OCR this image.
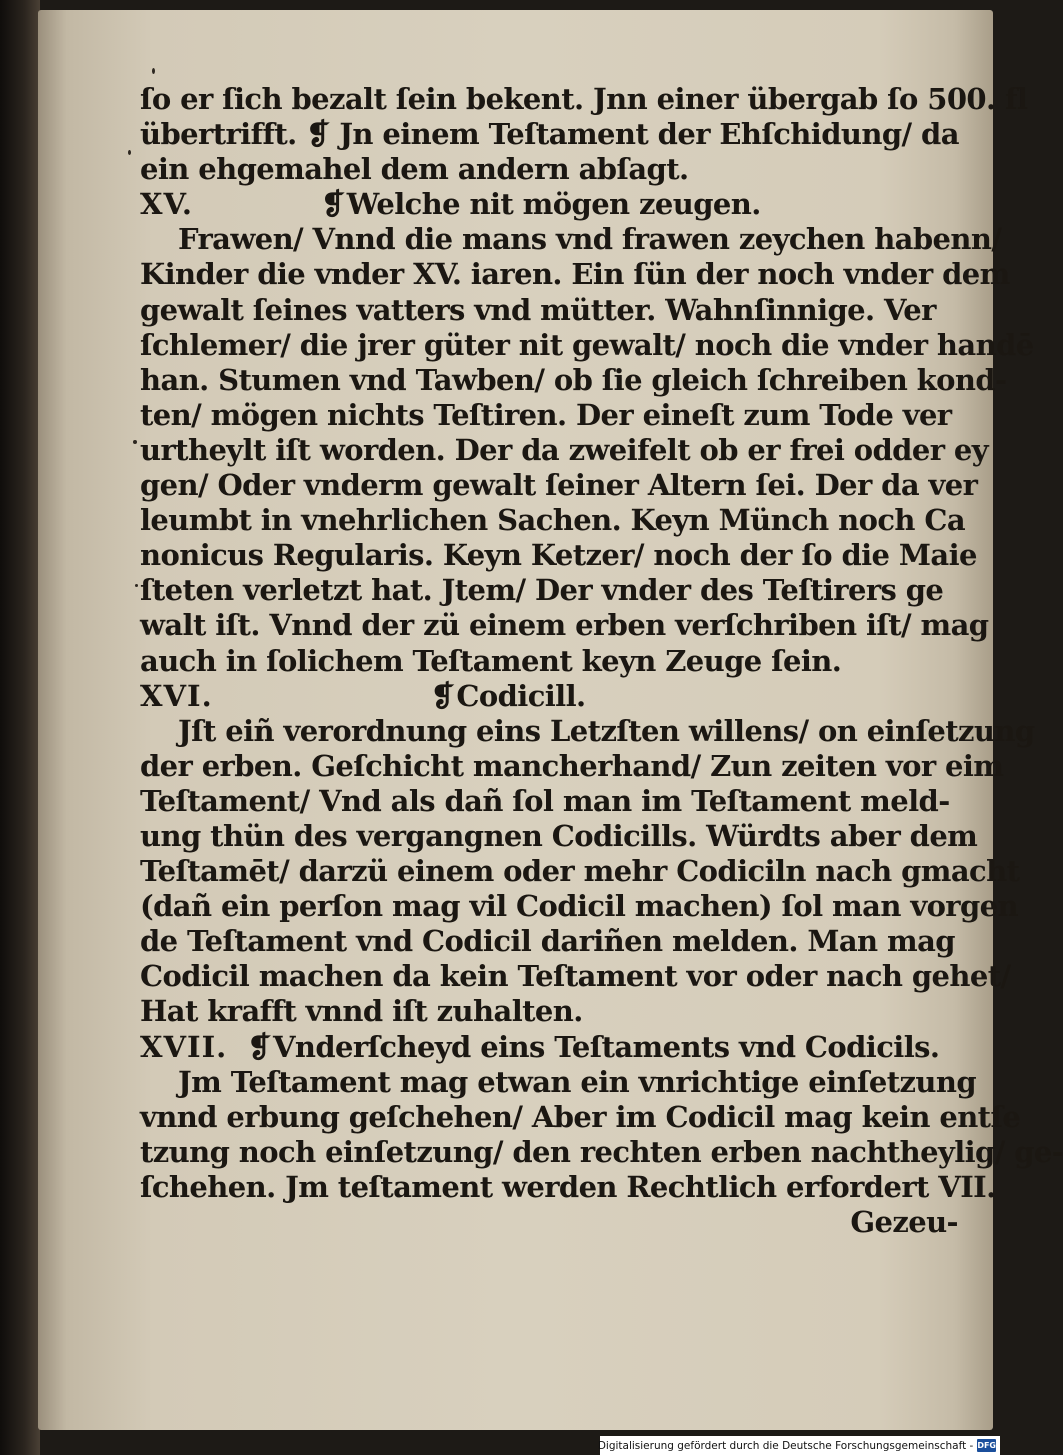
ſo er ſich bezalt ſein bekent. Jnn einer übergab ſo 500. fl
übertrifft. ❡ Jn einem Teſtament der Ehſchidung/ da
ein ehgemahel dem andern abſagt.
XV.	❡Welche nit mögen zeugen.
Frawen/ Vnnd die mans vnd frawen zeychen habenn/
Kinder die vnder XV. iaren. Ein ſün der noch vnder dem
gewalt ſeines vatters vnd mütter. Wahnſinnige. Ver
ſchlemer/ die jrer güter nit gewalt/ noch die vnder handē
han. Stumen vnd Tawben/ ob ſie gleich ſchreiben kond-
ten/ mögen nichts Teſtiren. Der eineſt zum Tode ver
urtheylt iſt worden. Der da zweifelt ob er frei odder ey
gen/ Oder vnderm gewalt ſeiner Altern ſei. Der da ver
leumbt in vnehrlichen Sachen. Keyn Münch noch Ca
nonicus Regularis. Keyn Ketzer/ noch der ſo die Maie
ſteten verletzt hat. Jtem/ Der vnder des Teſtirers ge
walt iſt. Vnnd der zü einem erben verſchriben iſt/ mag
auch in ſolichem Teſtament keyn Zeuge ſein.
XVI.	❡Codicill.
Jſt eiñ verordnung eins Letzſten willens/ on einſetzung
der erben. Geſchicht mancherhand/ Zun zeiten vor eim
Teſtament/ Vnd als dañ ſol man im Teſtament meld-
ung thün des vergangnen Codicills. Würdts aber dem
Teſtamēt/ darzü einem oder mehr Codiciln nach gmacht
(dañ ein perſon mag vil Codicil machen) ſol man vorgen
de Teſtament vnd Codicil dariñen melden. Man mag
Codicil machen da kein Teſtament vor oder nach gehet/
Hat krafft vnnd iſt zuhalten.
XVII. ❡Vnderſcheyd eins Teſtaments vnd Codicils.
Jm Teſtament mag etwan ein vnrichtige einſetzung
vnnd erbung geſchehen/ Aber im Codicil mag kein entſe
tzung noch einſetzung/ den rechten erben nachtheylig/ ge-
ſchehen. Jm teſtament werden Rechtlich erfordert VII.
Gezeu-
Digitalisierung gefördert durch die Deutsche Forschungsgemeinschaft - DFG
